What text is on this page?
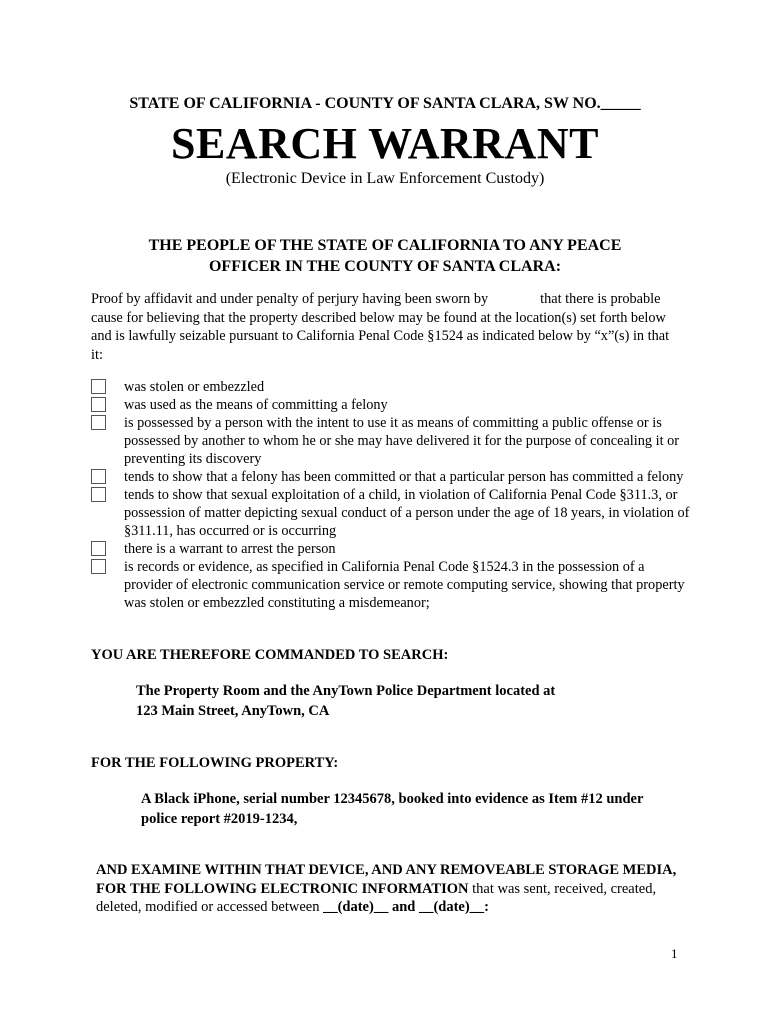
STATE OF CALIFORNIA - COUNTY OF SANTA CLARA, SW NO._____
SEARCH WARRANT
(Electronic Device in Law Enforcement Custody)
THE PEOPLE OF THE STATE OF CALIFORNIA TO ANY PEACE
OFFICER IN THE COUNTY OF SANTA CLARA:
Proof by affidavit and under penalty of perjury having been sworn by	that there is probable cause for believing that the property described below may be found at the location(s) set forth below and is lawfully seizable pursuant to California Penal Code §1524 as indicated below by “x”(s) in that it:
was stolen or embezzled
was used as the means of committing a felony
is possessed by a person with the intent to use it as means of committing a public offense or is possessed by another to whom he or she may have delivered it for the purpose of concealing it or preventing its discovery
tends to show that a felony has been committed or that a particular person has committed a felony
tends to show that sexual exploitation of a child, in violation of California Penal Code §311.3, or possession of matter depicting sexual conduct of a person under the age of 18 years, in violation of §311.11, has occurred or is occurring
there is a warrant to arrest the person
is records or evidence, as specified in California Penal Code §1524.3 in the possession of a provider of electronic communication service or remote computing service, showing that property was stolen or embezzled constituting a misdemeanor;
YOU ARE THEREFORE COMMANDED TO SEARCH:
The Property Room and the AnyTown Police Department located at
123 Main Street, AnyTown, CA
FOR THE FOLLOWING PROPERTY:
A Black iPhone, serial number 12345678, booked into evidence as Item #12 under
police report #2019-1234,
AND EXAMINE WITHIN THAT DEVICE, AND ANY REMOVEABLE STORAGE MEDIA, FOR THE FOLLOWING ELECTRONIC INFORMATION that was sent, received, created, deleted, modified or accessed between __(date)__ and __(date)__:
1
